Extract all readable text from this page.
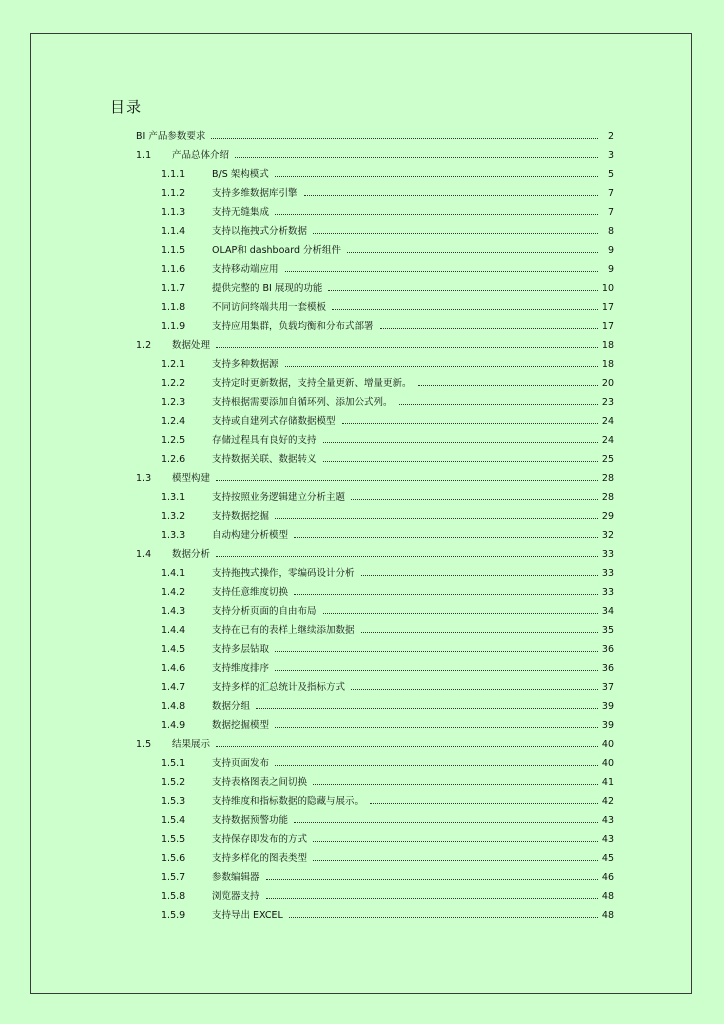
目录
BI 产品参数要求	2
1.1 产品总体介绍	3
1.1.1	B/S 架构模式	5
1.1.2	支持多维数据库引擎	7
1.1.3	支持无缝集成	7
1.1.4	支持以拖拽式分析数据	8
1.1.5	OLAP和 dashboard 分析组件	9
1.1.6	支持移动端应用	9
1.1.7	提供完整的 BI 展现的功能	10
1.1.8	不同访问终端共用一套模板	17
1.1.9	支持应用集群，负载均衡和分布式部署	17
1.2 数据处理	18
1.2.1	支持多种数据源	18
1.2.2	支持定时更新数据，支持全量更新、增量更新。	20
1.2.3	支持根据需要添加自循环列、添加公式列。	23
1.2.4	支持或自建列式存储数据模型	24
1.2.5	存储过程具有良好的支持	24
1.2.6	支持数据关联、数据转义	25
1.3 模型构建	28
1.3.1	支持按照业务逻辑建立分析主题	28
1.3.2	支持数据挖掘	29
1.3.3	自动构建分析模型	32
1.4 数据分析	33
1.4.1	支持拖拽式操作，零编码设计分析	33
1.4.2	支持任意维度切换	33
1.4.3	支持分析页面的自由布局	34
1.4.4	支持在已有的表样上继续添加数据	35
1.4.5	支持多层钻取	36
1.4.6	支持维度排序	36
1.4.7	支持多样的汇总统计及指标方式	37
1.4.8	数据分组	39
1.4.9	数据挖掘模型	39
1.5 结果展示	40
1.5.1	支持页面发布	40
1.5.2	支持表格图表之间切换	41
1.5.3	支持维度和指标数据的隐藏与展示。	42
1.5.4	支持数据预警功能	43
1.5.5	支持保存即发布的方式	43
1.5.6	支持多样化的图表类型	45
1.5.7	参数编辑器	46
1.5.8	浏览器支持	48
1.5.9	支持导出 EXCEL	48
